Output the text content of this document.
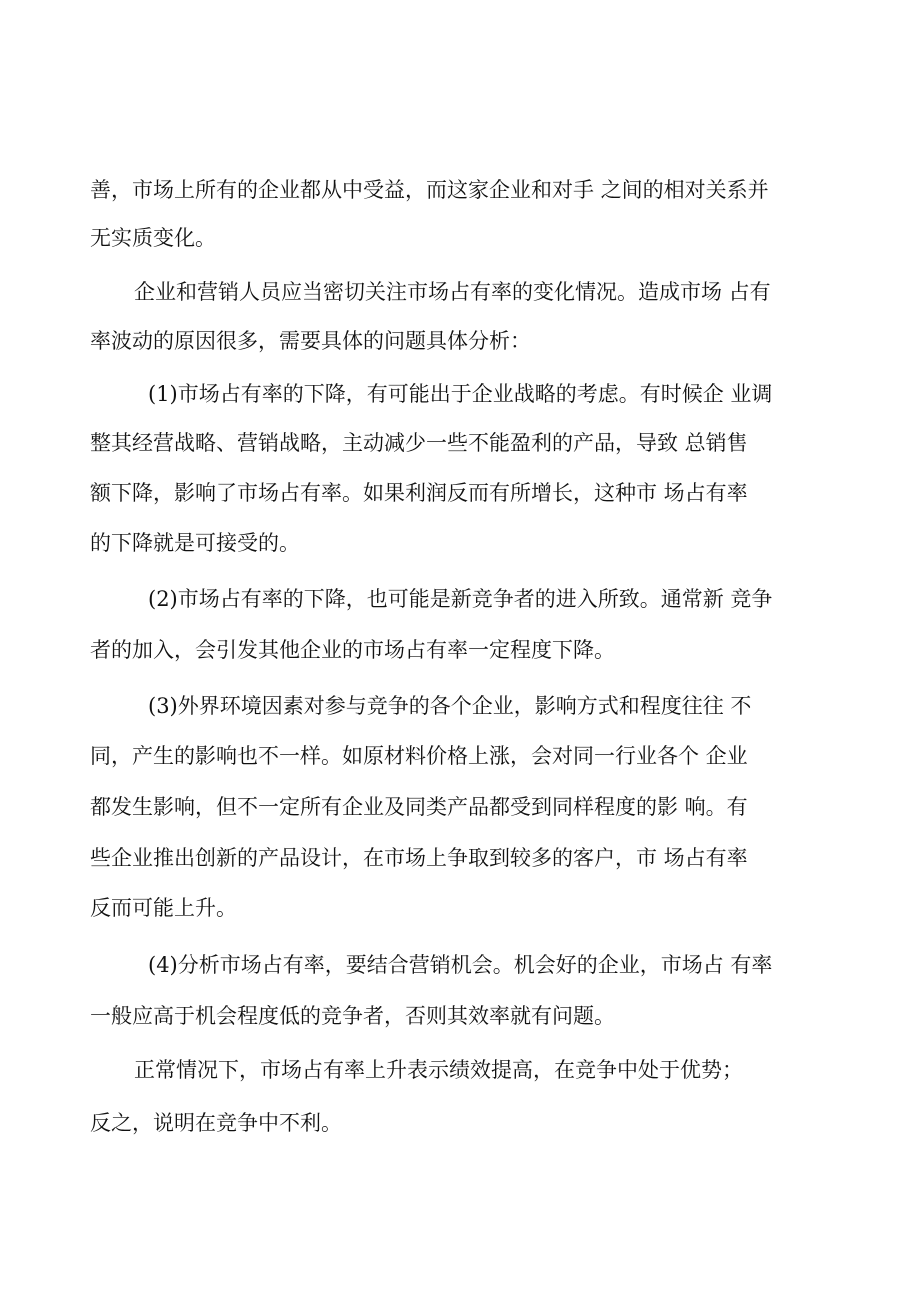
善，市场上所有的企业都从中受益，而这家企业和对手 之间的相对关系并

无实质变化。

企业和营销人员应当密切关注市场占有率的变化情况。造成市场 占有

率波动的原因很多，需要具体的问题具体分析：

(1)市场占有率的下降，有可能出于企业战略的考虑。有时候企 业调

整其经营战略、营销战略，主动减少一些不能盈利的产品，导致 总销售

额下降，影响了市场占有率。如果利润反而有所增长，这种市 场占有率

的下降就是可接受的。

(2)市场占有率的下降，也可能是新竞争者的进入所致。通常新 竞争

者的加入，会引发其他企业的市场占有率一定程度下降。

(3)外界环境因素对参与竞争的各个企业，影响方式和程度往往 不

同，产生的影响也不一样。如原材料价格上涨，会对同一行业各个 企业

都发生影响，但不一定所有企业及同类产品都受到同样程度的影 响。有

些企业推出创新的产品设计，在市场上争取到较多的客户，市 场占有率

反而可能上升。

(4)分析市场占有率，要结合营销机会。机会好的企业，市场占 有率

一般应高于机会程度低的竞争者，否则其效率就有问题。

正常情况下，市场占有率上升表示绩效提高，在竞争中处于优势；

反之，说明在竞争中不利。
